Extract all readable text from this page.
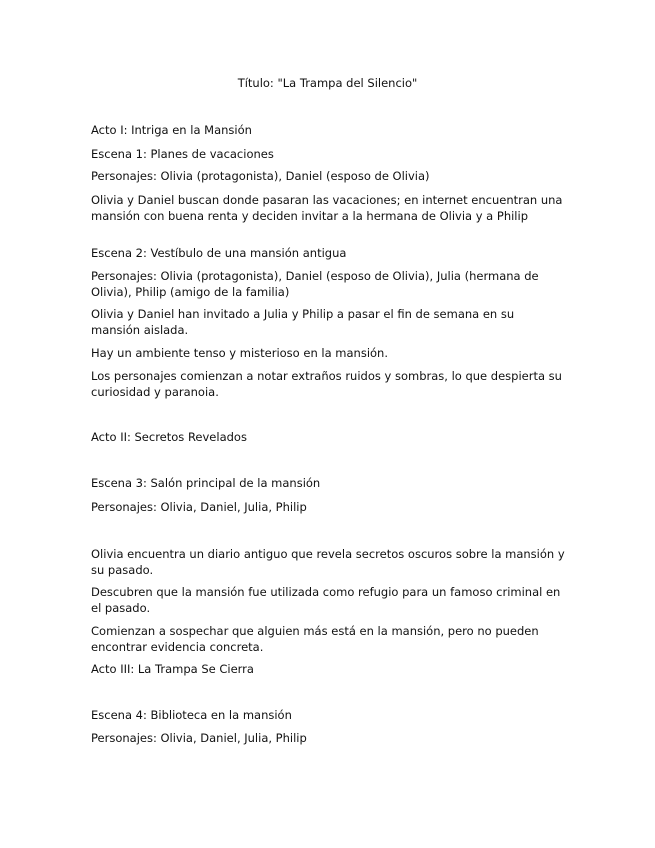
Título: "La Trampa del Silencio"
Acto I: Intriga en la Mansión
Escena 1: Planes de vacaciones
Personajes: Olivia (protagonista), Daniel (esposo de Olivia)
Olivia y Daniel buscan donde pasaran las vacaciones; en internet encuentran una mansión con buena renta y deciden invitar a la hermana de Olivia y a Philip
Escena 2: Vestíbulo de una mansión antigua
Personajes: Olivia (protagonista), Daniel (esposo de Olivia), Julia (hermana de Olivia), Philip (amigo de la familia)
Olivia y Daniel han invitado a Julia y Philip a pasar el fin de semana en su mansión aislada.
Hay un ambiente tenso y misterioso en la mansión.
Los personajes comienzan a notar extraños ruidos y sombras, lo que despierta su curiosidad y paranoia.
Acto II: Secretos Revelados
Escena 3: Salón principal de la mansión
Personajes: Olivia, Daniel, Julia, Philip
Olivia encuentra un diario antiguo que revela secretos oscuros sobre la mansión y su pasado.
Descubren que la mansión fue utilizada como refugio para un famoso criminal en el pasado.
Comienzan a sospechar que alguien más está en la mansión, pero no pueden encontrar evidencia concreta.
Acto III: La Trampa Se Cierra
Escena 4: Biblioteca en la mansión
Personajes: Olivia, Daniel, Julia, Philip
